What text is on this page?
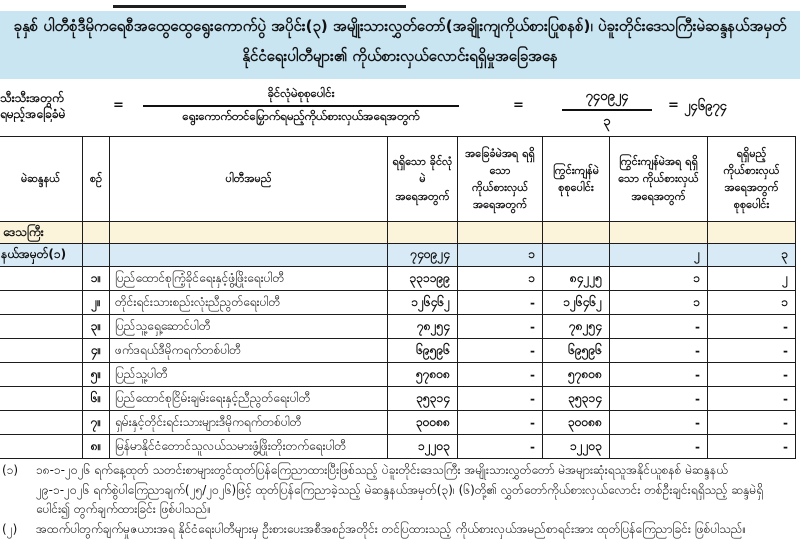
ခုနှစ် ပါတီစုံဒီမိုကရေစီအထွေထွေရွေးကောက်ပွဲ အပိုင်း(၃) အမျိုးသားလွှတ်တော်(အချိုးကျကိုယ်စားပြုစနစ်)၊ ပဲခူးတိုင်းဒေသကြီးမဲဆန္ဒနယ်အမှတ်
နိုင်ငံရေးပါတီများ၏ ကိုယ်စားလှယ်လောင်းရရှိမှုအခြေအနေ
သီးသီးအတွက်
ရမည့်အခြေခံမဲ
=
ခိုင်လုံမဲစုစုပေါင်း
ရွေးကောက်တင်မြှောက်ရမည့်ကိုယ်စားလှယ်အရေအတွက်
=
၇၄၀၉၂၄
၃
= ၂၄၆၉၇၄
မဲဆန္ဒနယ်	စဉ်	ပါတီအမည်	ရရှိသော ခိုင်လုံမဲ အရေအတွက်	အခြေခံမဲအရ ရရှိသော ကိုယ်စားလှယ် အရေအတွက်	ကြွင်းကျန်မဲ စုစုပေါင်း	ကြွင်းကျန်မဲအရ ရရှိသော ကိုယ်စားလှယ် အရေအတွက်	ရရှိမည့် ကိုယ်စားလှယ် အရေအတွက် စုစုပေါင်း
ဒေသကြီး							
နယ်အမှတ်(၁)			၇၄၀၉၂၄	၁		၂	၃
	၁။	ပြည်ထောင်စုကြံ့ခိုင်ရေးနှင့်ဖွံ့ဖြိုးရေးပါတီ	၃၃၁၁၉၉	၁	၈၄၂၂၅	၁	၂
	၂။	တိုင်းရင်းသားစည်းလုံးညီညွတ်ရေးပါတီ	၁၂၆၄၆၂	-	၁၂၆၄၆၂	၁	၁
	၃။	ပြည်သူ့ရှေ့ဆောင်ပါတီ	၇၈၂၅၄	-	၇၈၂၅၄	-	-
	၄။	ဖက်ဒရယ်ဒီမိုကရက်တစ်ပါတီ	၆၉၅၉၆	-	၆၉၅၉၆	-	-
	၅။	ပြည်သူ့ပါတီ	၅၇၈၀၈	-	၅၇၈၀၈	-	-
	၆။	ပြည်ထောင်စုငြိမ်းချမ်းရေးနှင့်ညီညွတ်ရေးပါတီ	၃၅၃၁၄	-	၃၅၃၁၄	-	-
	၇။	ရှမ်းနှင့်တိုင်းရင်းသားများဒီမိုကရက်တစ်ပါတီ	၃၀၀၈၈	-	၃၀၀၈၈	-	-
	၈။	မြန်မာနိုင်ငံတောင်သူလယ်သမားဖွံ့ဖြိုးတိုးတက်ရေးပါတီ	၁၂၂၀၃	-	၁၂၂၀၃	-	-
(၁)	၁၈-၁-၂၀၂၆ ရက်နေ့ထုတ် သတင်းစာများတွင်ထုတ်ပြန်ကြေညာထားပြီးဖြစ်သည့် ပဲခူးတိုင်းဒေသကြီး အမျိုးသားလွှတ်တော် မဲအများဆုံးရသူအနိုင်ယူစနစ် မဲဆန္ဒနယ်
၂၉-၁-၂၀၂၆ ရက်စွဲပါကြေညာချက်(၂၅/၂၀၂၆)ဖြင့် ထုတ်ပြန်ကြေညာခဲ့သည့် မဲဆန္ဒနယ်အမှတ်(၃)၊ (၆)တို့၏ လွှတ်တော်ကိုယ်စားလှယ်လောင်း တစ်ဦးချင်းရရှိသည့် ဆန္ဒမဲရှိ
ပေါင်း၍ တွက်ချက်ထားခြင်း ဖြစ်ပါသည်။
(၂)	အထက်ပါတွက်ချက်မှုဇယားအရ နိုင်ငံရေးပါတီများမှ ဦးစားပေးအစီအစဉ်အတိုင်း တင်ပြထားသည့် ကိုယ်စားလှယ်အမည်စာရင်းအား ထုတ်ပြန်ကြေညာခြင်း ဖြစ်ပါသည်။
